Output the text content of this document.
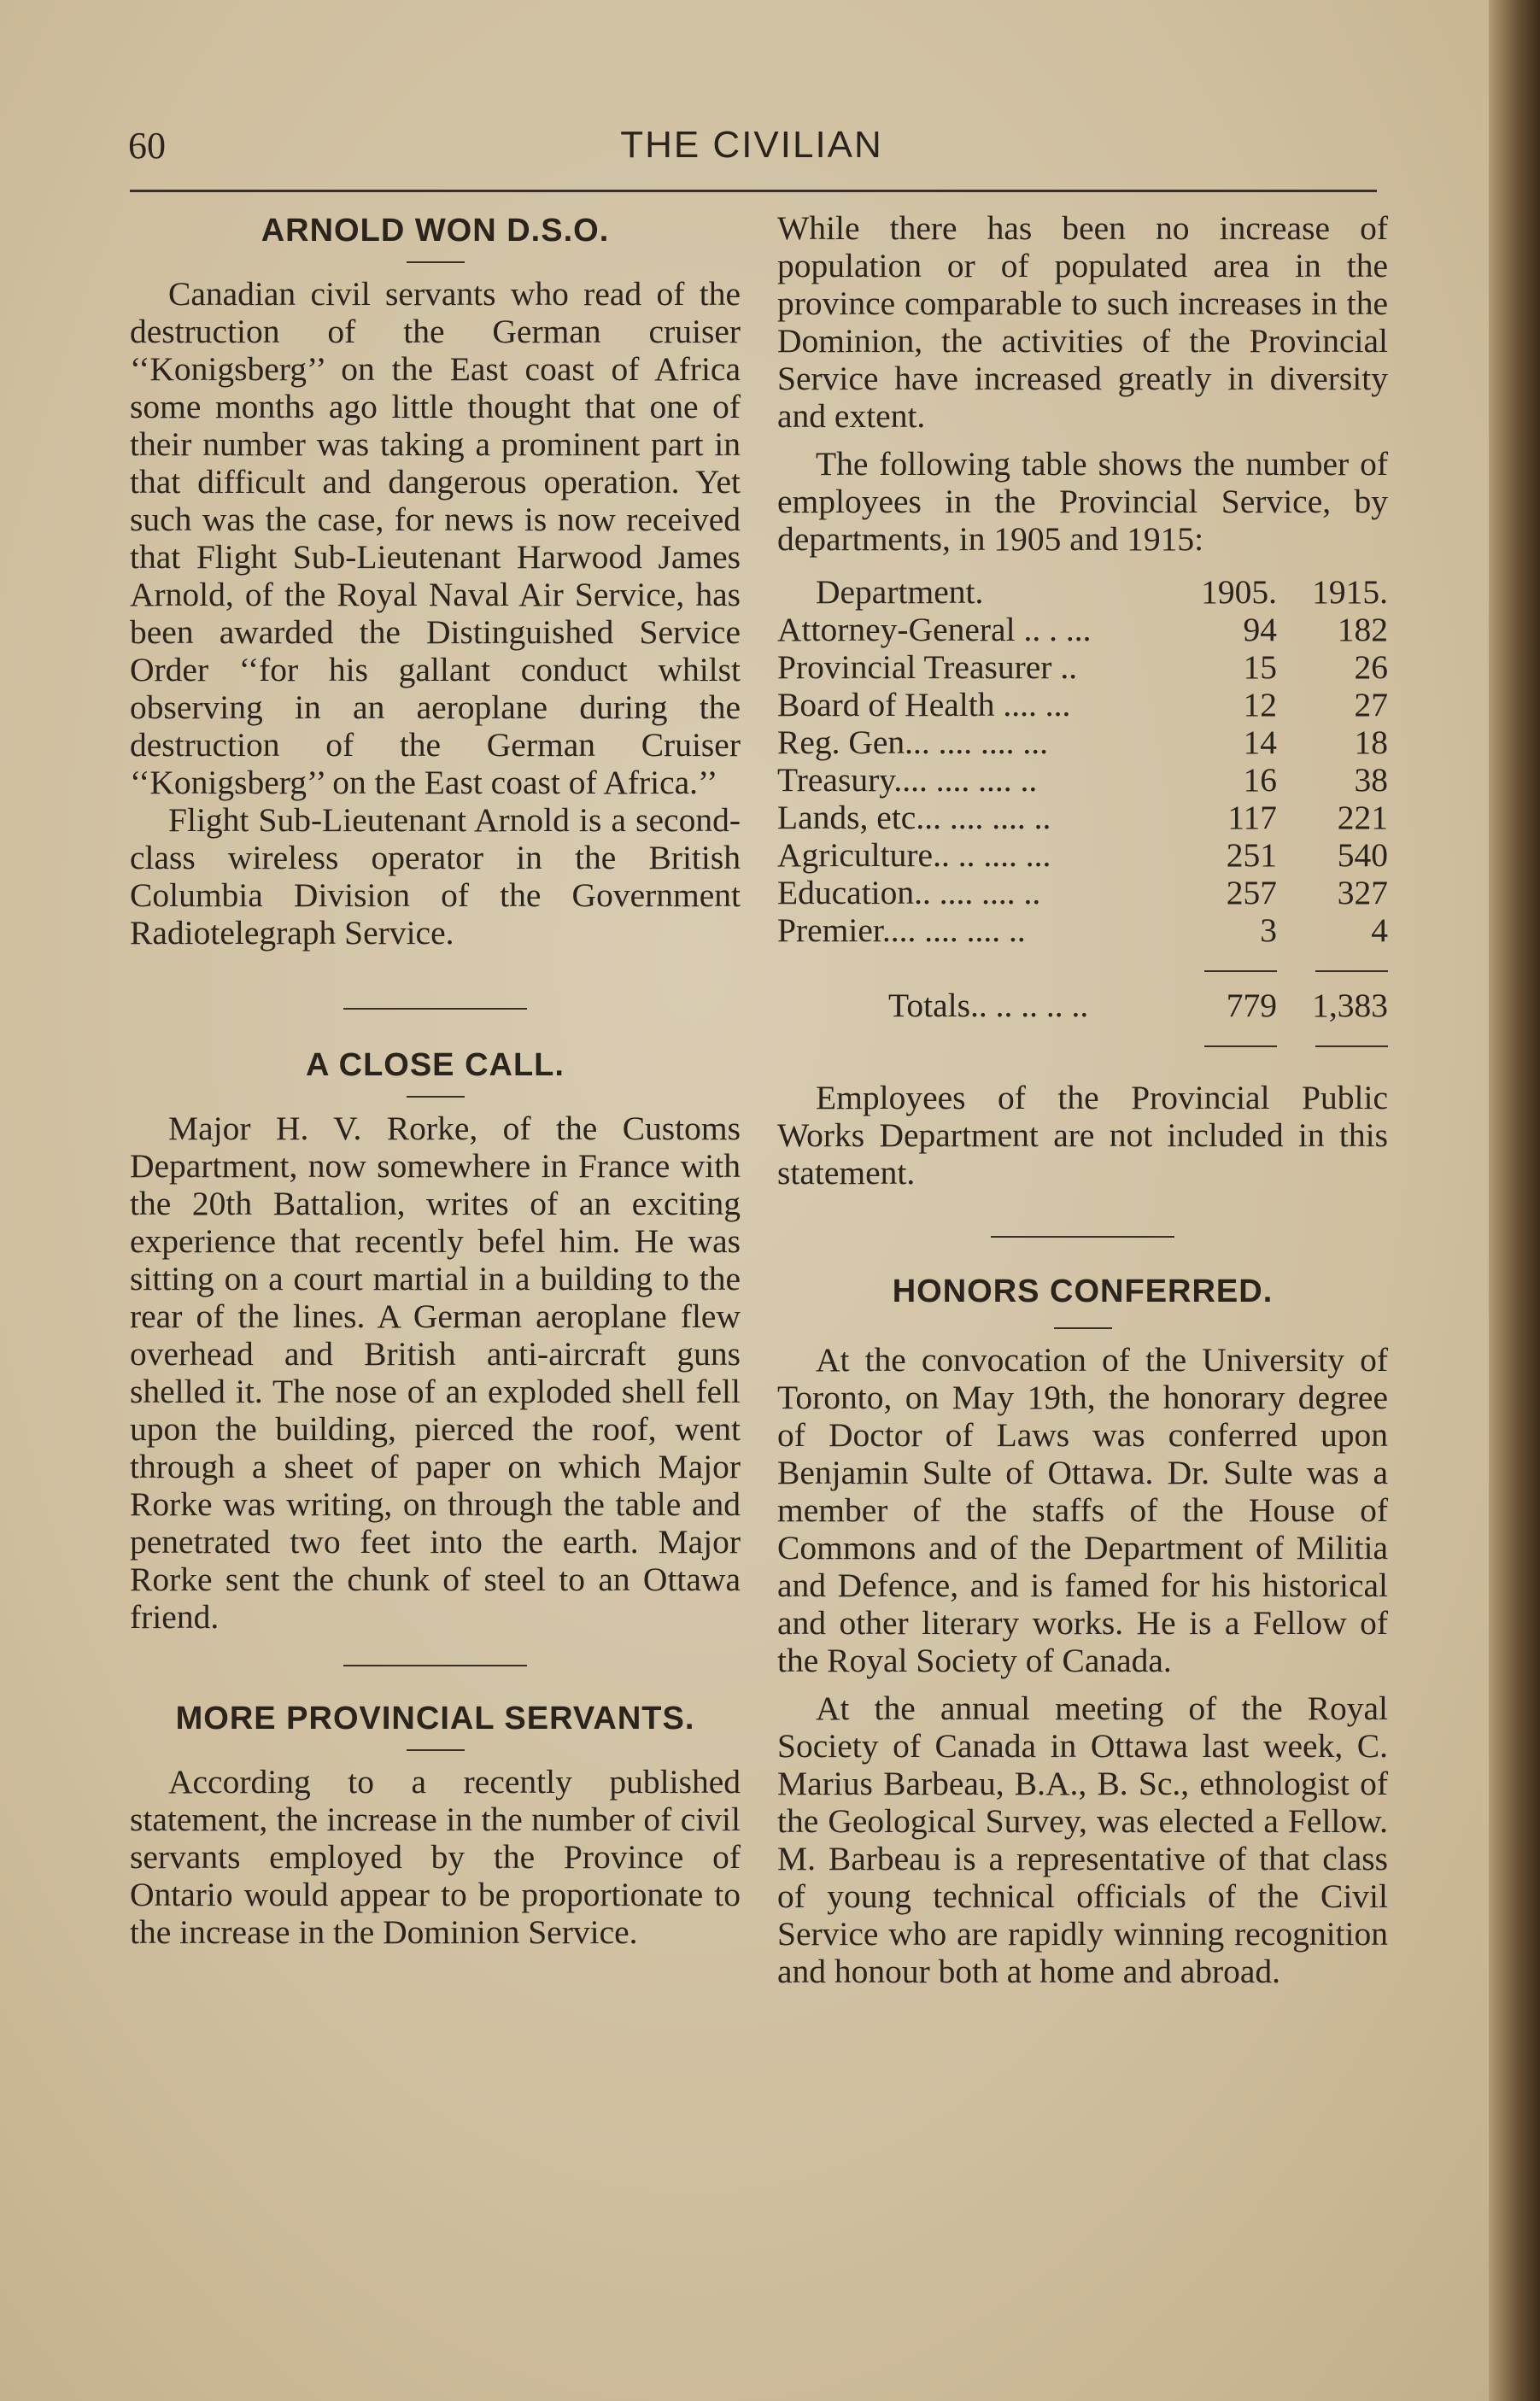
60	THE CIVILIAN
ARNOLD WON D.S.O.

Canadian civil servants who read of the destruction of the German cruiser ‘‘Konigsberg’’ on the East coast of Africa some months ago little thought that one of their number was taking a prominent part in that difficult and dangerous operation. Yet such was the case, for news is now received that Flight Sub-Lieutenant Harwood James Arnold, of the Royal Naval Air Service, has been awarded the Distinguished Service Order ‘‘for his gallant conduct whilst observing in an aeroplane during the destruction of the German Cruiser ‘‘Konigsberg’’ on the East coast of Africa.’’

Flight Sub-Lieutenant Arnold is a second-class wireless operator in the British Columbia Division of the Government Radiotelegraph Service.

A CLOSE CALL.

Major H. V. Rorke, of the Customs Department, now somewhere in France with the 20th Battalion, writes of an exciting experience that recently befel him. He was sitting on a court martial in a building to the rear of the lines. A German aeroplane flew overhead and British anti-aircraft guns shelled it. The nose of an exploded shell fell upon the building, pierced the roof, went through a sheet of paper on which Major Rorke was writing, on through the table and penetrated two feet into the earth. Major Rorke sent the chunk of steel to an Ottawa friend.

MORE PROVINCIAL SERVANTS.

According to a recently published statement, the increase in the number of civil servants employed by the Province of Ontario would appear to be proportionate to the increase in the Dominion Service.

While there has been no increase of population or of populated area in the province comparable to such increases in the Dominion, the activities of the Provincial Service have increased greatly in diversity and extent.

The following table shows the number of employees in the Provincial Service, by departments, in 1905 and 1915:

Department.	1905.	1915.
Attorney-General .. . ...	94	182
Provincial Treasurer ..	15	26
Board of Health .... ...	12	27
Reg. Gen... .... .... ...	14	18
Treasury.... .... .... ..	16	38
Lands, etc... .... .... ..	117	221
Agriculture.. .. .... ...	251	540
Education.. .... .... ..	257	327
Premier.... .... .... ..	3	4

Totals.. .. .. .. ..	779	1,383

Employees of the Provincial Public Works Department are not included in this statement.

HONORS CONFERRED.

At the convocation of the University of Toronto, on May 19th, the honorary degree of Doctor of Laws was conferred upon Benjamin Sulte of Ottawa. Dr. Sulte was a member of the staffs of the House of Commons and of the Department of Militia and Defence, and is famed for his historical and other literary works. He is a Fellow of the Royal Society of Canada.

At the annual meeting of the Royal Society of Canada in Ottawa last week, C. Marius Barbeau, B.A., B. Sc., ethnologist of the Geological Survey, was elected a Fellow. M. Barbeau is a representative of that class of young technical officials of the Civil Service who are rapidly winning recognition and honour both at home and abroad.
